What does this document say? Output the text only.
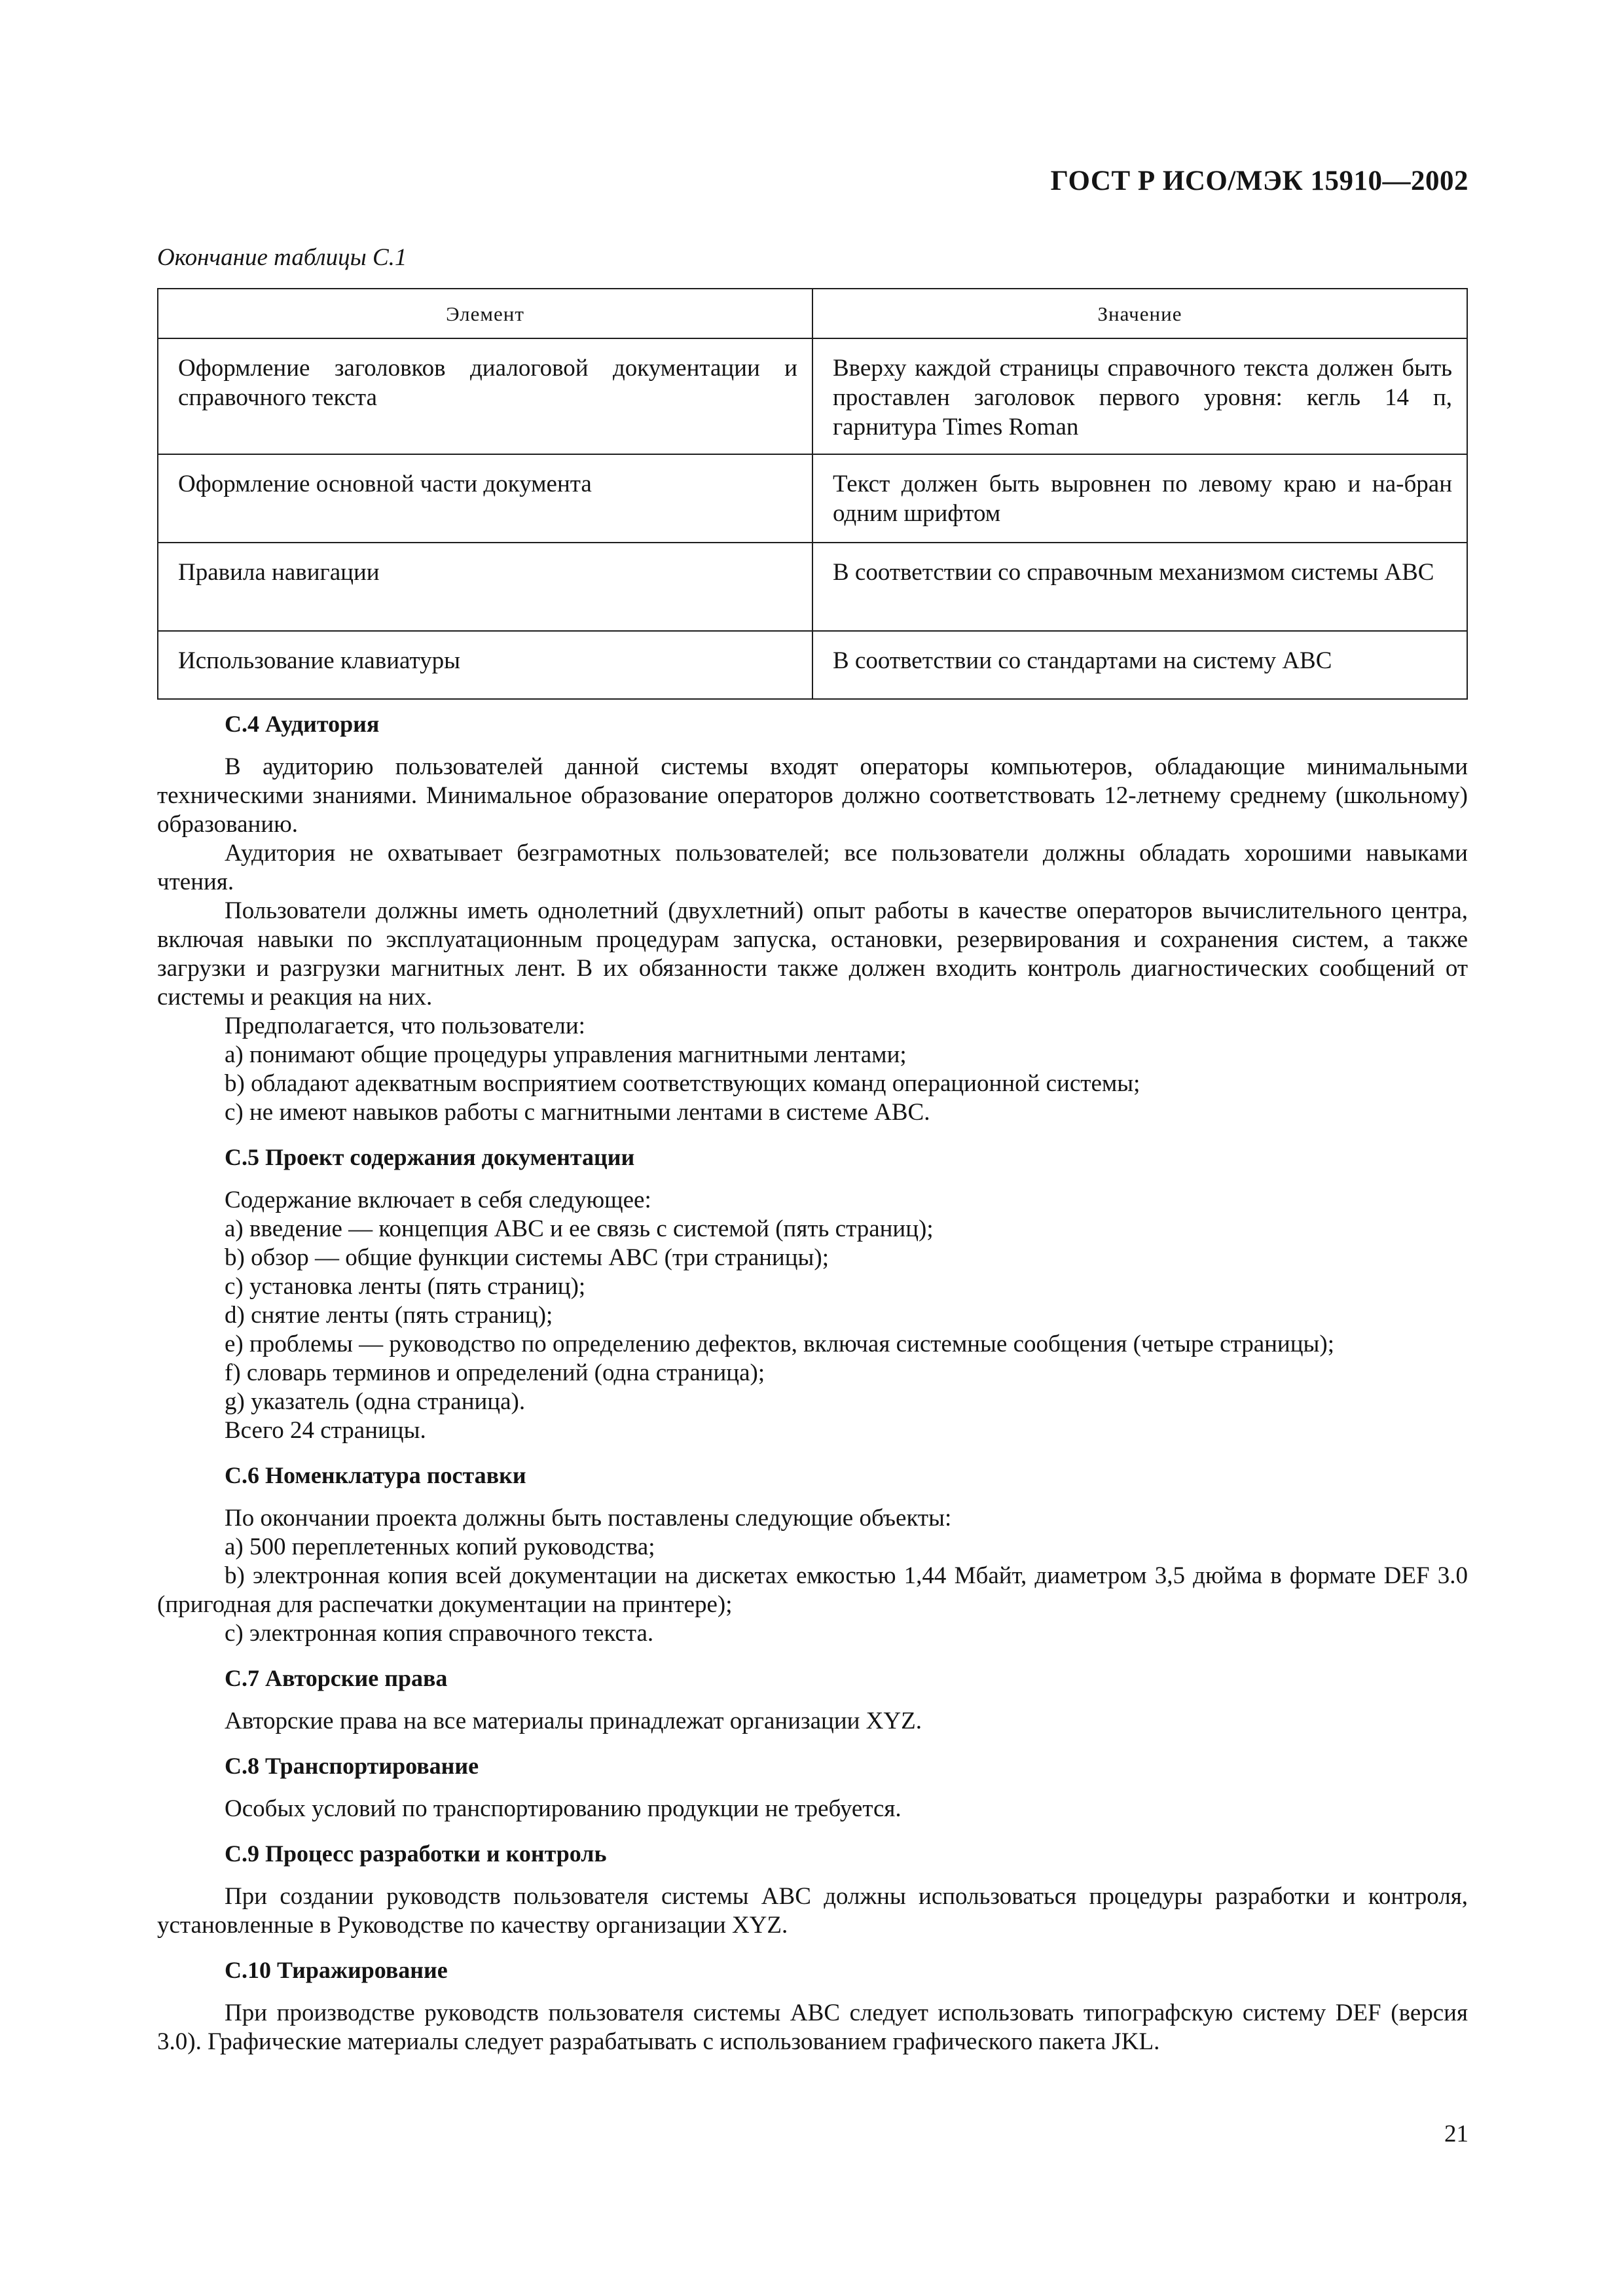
ГОСТ Р ИСО/МЭК 15910—2002
Окончание таблицы С.1
Элемент	Значение
Оформление заголовков диалоговой документации и справочного текста	Вверху каждой страницы справочного текста должен быть проставлен заголовок первого уровня: кегль 14 п, гарнитура Times Roman
Оформление основной части документа	Текст должен быть выровнен по левому краю и на-бран одним шрифтом
Правила навигации	В соответствии со справочным механизмом системы АВС
Использование клавиатуры	В соответствии со стандартами на систему АВС
С.4 Аудитория

В аудиторию пользователей данной системы входят операторы компьютеров, обладающие минимальными техническими знаниями. Минимальное образование операторов должно соответствовать 12-летнему среднему (школьному) образованию.

Аудитория не охватывает безграмотных пользователей; все пользователи должны обладать хорошими навыками чтения.

Пользователи должны иметь однолетний (двухлетний) опыт работы в качестве операторов вычислительного центра, включая навыки по эксплуатационным процедурам запуска, остановки, резервирования и сохранения систем, а также загрузки и разгрузки магнитных лент. В их обязанности также должен входить контроль диагностических сообщений от системы и реакция на них.

Предполагается, что пользователи:

а) понимают общие процедуры управления магнитными лентами;

b) обладают адекватным восприятием соответствующих команд операционной системы;

с) не имеют навыков работы с магнитными лентами в системе АВС.

С.5 Проект содержания документации

Содержание включает в себя следующее:

а) введение — концепция АВС и ее связь с системой (пять страниц);

b) обзор — общие функции системы АВС (три страницы);

с) установка ленты (пять страниц);

d) снятие ленты (пять страниц);

е) проблемы — руководство по определению дефектов, включая системные сообщения (четыре страницы);

f) словарь терминов и определений (одна страница);

g) указатель (одна страница).

Всего 24 страницы.

С.6 Номенклатура поставки

По окончании проекта должны быть поставлены следующие объекты:

а) 500 переплетенных копий руководства;

b) электронная копия всей документации на дискетах емкостью 1,44 Мбайт, диаметром 3,5 дюйма в формате DEF 3.0 (пригодная для распечатки документации на принтере);

с) электронная копия справочного текста.

С.7 Авторские права

Авторские права на все материалы принадлежат организации XYZ.

С.8 Транспортирование

Особых условий по транспортированию продукции не требуется.

С.9 Процесс разработки и контроль

При создании руководств пользователя системы АВС должны использоваться процедуры разработки и контроля, установленные в Руководстве по качеству организации XYZ.

С.10 Тиражирование

При производстве руководств пользователя системы АВС следует использовать типографскую систему DEF (версия 3.0). Графические материалы следует разрабатывать с использованием графического пакета JKL.

21
